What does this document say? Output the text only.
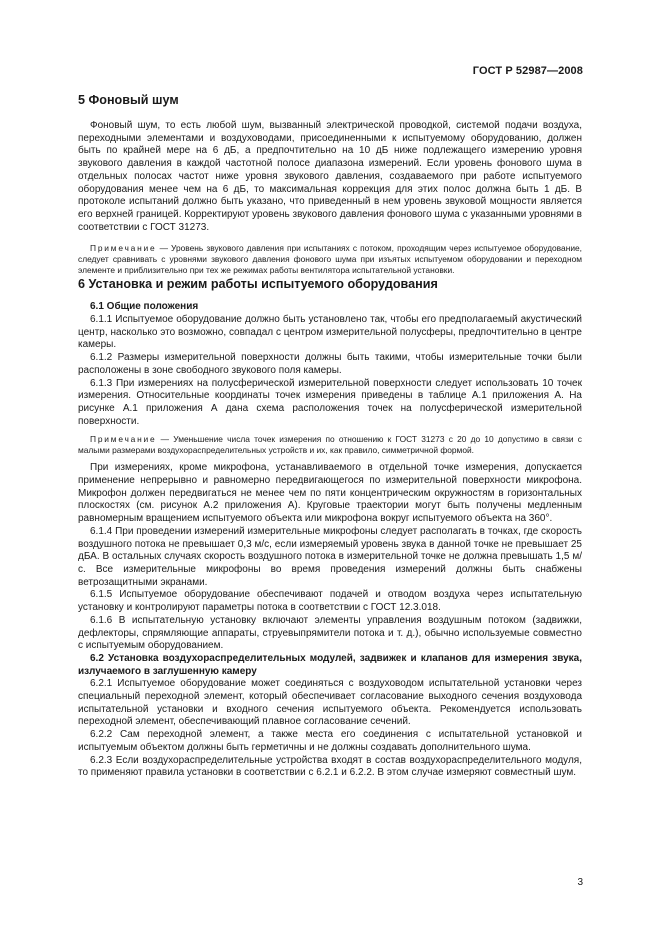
ГОСТ Р 52987—2008
5 Фоновый шум

Фоновый шум, то есть любой шум, вызванный электрической проводкой, системой подачи воздуха, переходными элементами и воздуховодами, присоединенными к испытуемому оборудованию, должен быть по крайней мере на 6 дБ, а предпочтительно на 10 дБ ниже подлежащего измерению уровня звукового давления в каждой частотной полосе диапазона измерений. Если уровень фонового шума в отдельных полосах частот ниже уровня звукового давления, создаваемого при работе испытуемого оборудования менее чем на 6 дБ, то максимальная коррекция для этих полос должна быть 1 дБ. В протоколе испытаний должно быть указано, что приведенный в нем уровень звуковой мощности является его верхней границей. Корректируют уровень звукового давления фонового шума с указанными уровнями в соответствии с ГОСТ 31273.

Примечание — Уровень звукового давления при испытаниях с потоком, проходящим через испытуемое оборудование, следует сравнивать с уровнями звукового давления фонового шума при изъятых испытуемом оборудовании и переходном элементе и приблизительно при тех же режимах работы вентилятора испытательной установки.

6 Установка и режим работы испытуемого оборудования

6.1 Общие положения

6.1.1 Испытуемое оборудование должно быть установлено так, чтобы его предполагаемый акустический центр, насколько это возможно, совпадал с центром измерительной полусферы, предпочтительно в центре камеры.

6.1.2 Размеры измерительной поверхности должны быть такими, чтобы измерительные точки были расположены в зоне свободного звукового поля камеры.

6.1.3 При измерениях на полусферической измерительной поверхности следует использовать 10 точек измерения. Относительные координаты точек измерения приведены в таблице А.1 приложения А. На рисунке А.1 приложения А дана схема расположения точек на полусферической измерительной поверхности.

Примечание — Уменьшение числа точек измерения по отношению к ГОСТ 31273 с 20 до 10 допустимо в связи с малыми размерами воздухораспределительных устройств и их, как правило, симметричной формой.

При измерениях, кроме микрофона, устанавливаемого в отдельной точке измерения, допускается применение непрерывно и равномерно передвигающегося по измерительной поверхности микрофона. Микрофон должен передвигаться не менее чем по пяти концентрическим окружностям в горизонтальных плоскостях (см. рисунок А.2 приложения А). Круговые траектории могут быть получены медленным равномерным вращением испытуемого объекта или микрофона вокруг испытуемого объекта на 360°.

6.1.4 При проведении измерений измерительные микрофоны следует располагать в точках, где скорость воздушного потока не превышает 0,3 м/с, если измеряемый уровень звука в данной точке не превышает 25 дБА. В остальных случаях скорость воздушного потока в измерительной точке не должна превышать 1,5 м/с. Все измерительные микрофоны во время проведения измерений должны быть снабжены ветрозащитными экранами.

6.1.5 Испытуемое оборудование обеспечивают подачей и отводом воздуха через испытательную установку и контролируют параметры потока в соответствии с ГОСТ 12.3.018.

6.1.6 В испытательную установку включают элементы управления воздушным потоком (задвижки, дефлекторы, спрямляющие аппараты, струевыпрямители потока и т. д.), обычно используемые совместно с испытуемым оборудованием.

6.2 Установка воздухораспределительных модулей, задвижек и клапанов для измерения звука, излучаемого в заглушенную камеру

6.2.1 Испытуемое оборудование может соединяться с воздуховодом испытательной установки через специальный переходной элемент, который обеспечивает согласование выходного сечения воздуховода испытательной установки и входного сечения испытуемого объекта. Рекомендуется использовать переходной элемент, обеспечивающий плавное согласование сечений.

6.2.2 Сам переходной элемент, а также места его соединения с испытательной установкой и испытуемым объектом должны быть герметичны и не должны создавать дополнительного шума.

6.2.3 Если воздухораспределительные устройства входят в состав воздухораспределительного модуля, то применяют правила установки в соответствии с 6.2.1 и 6.2.2. В этом случае измеряют совместный шум.

3
